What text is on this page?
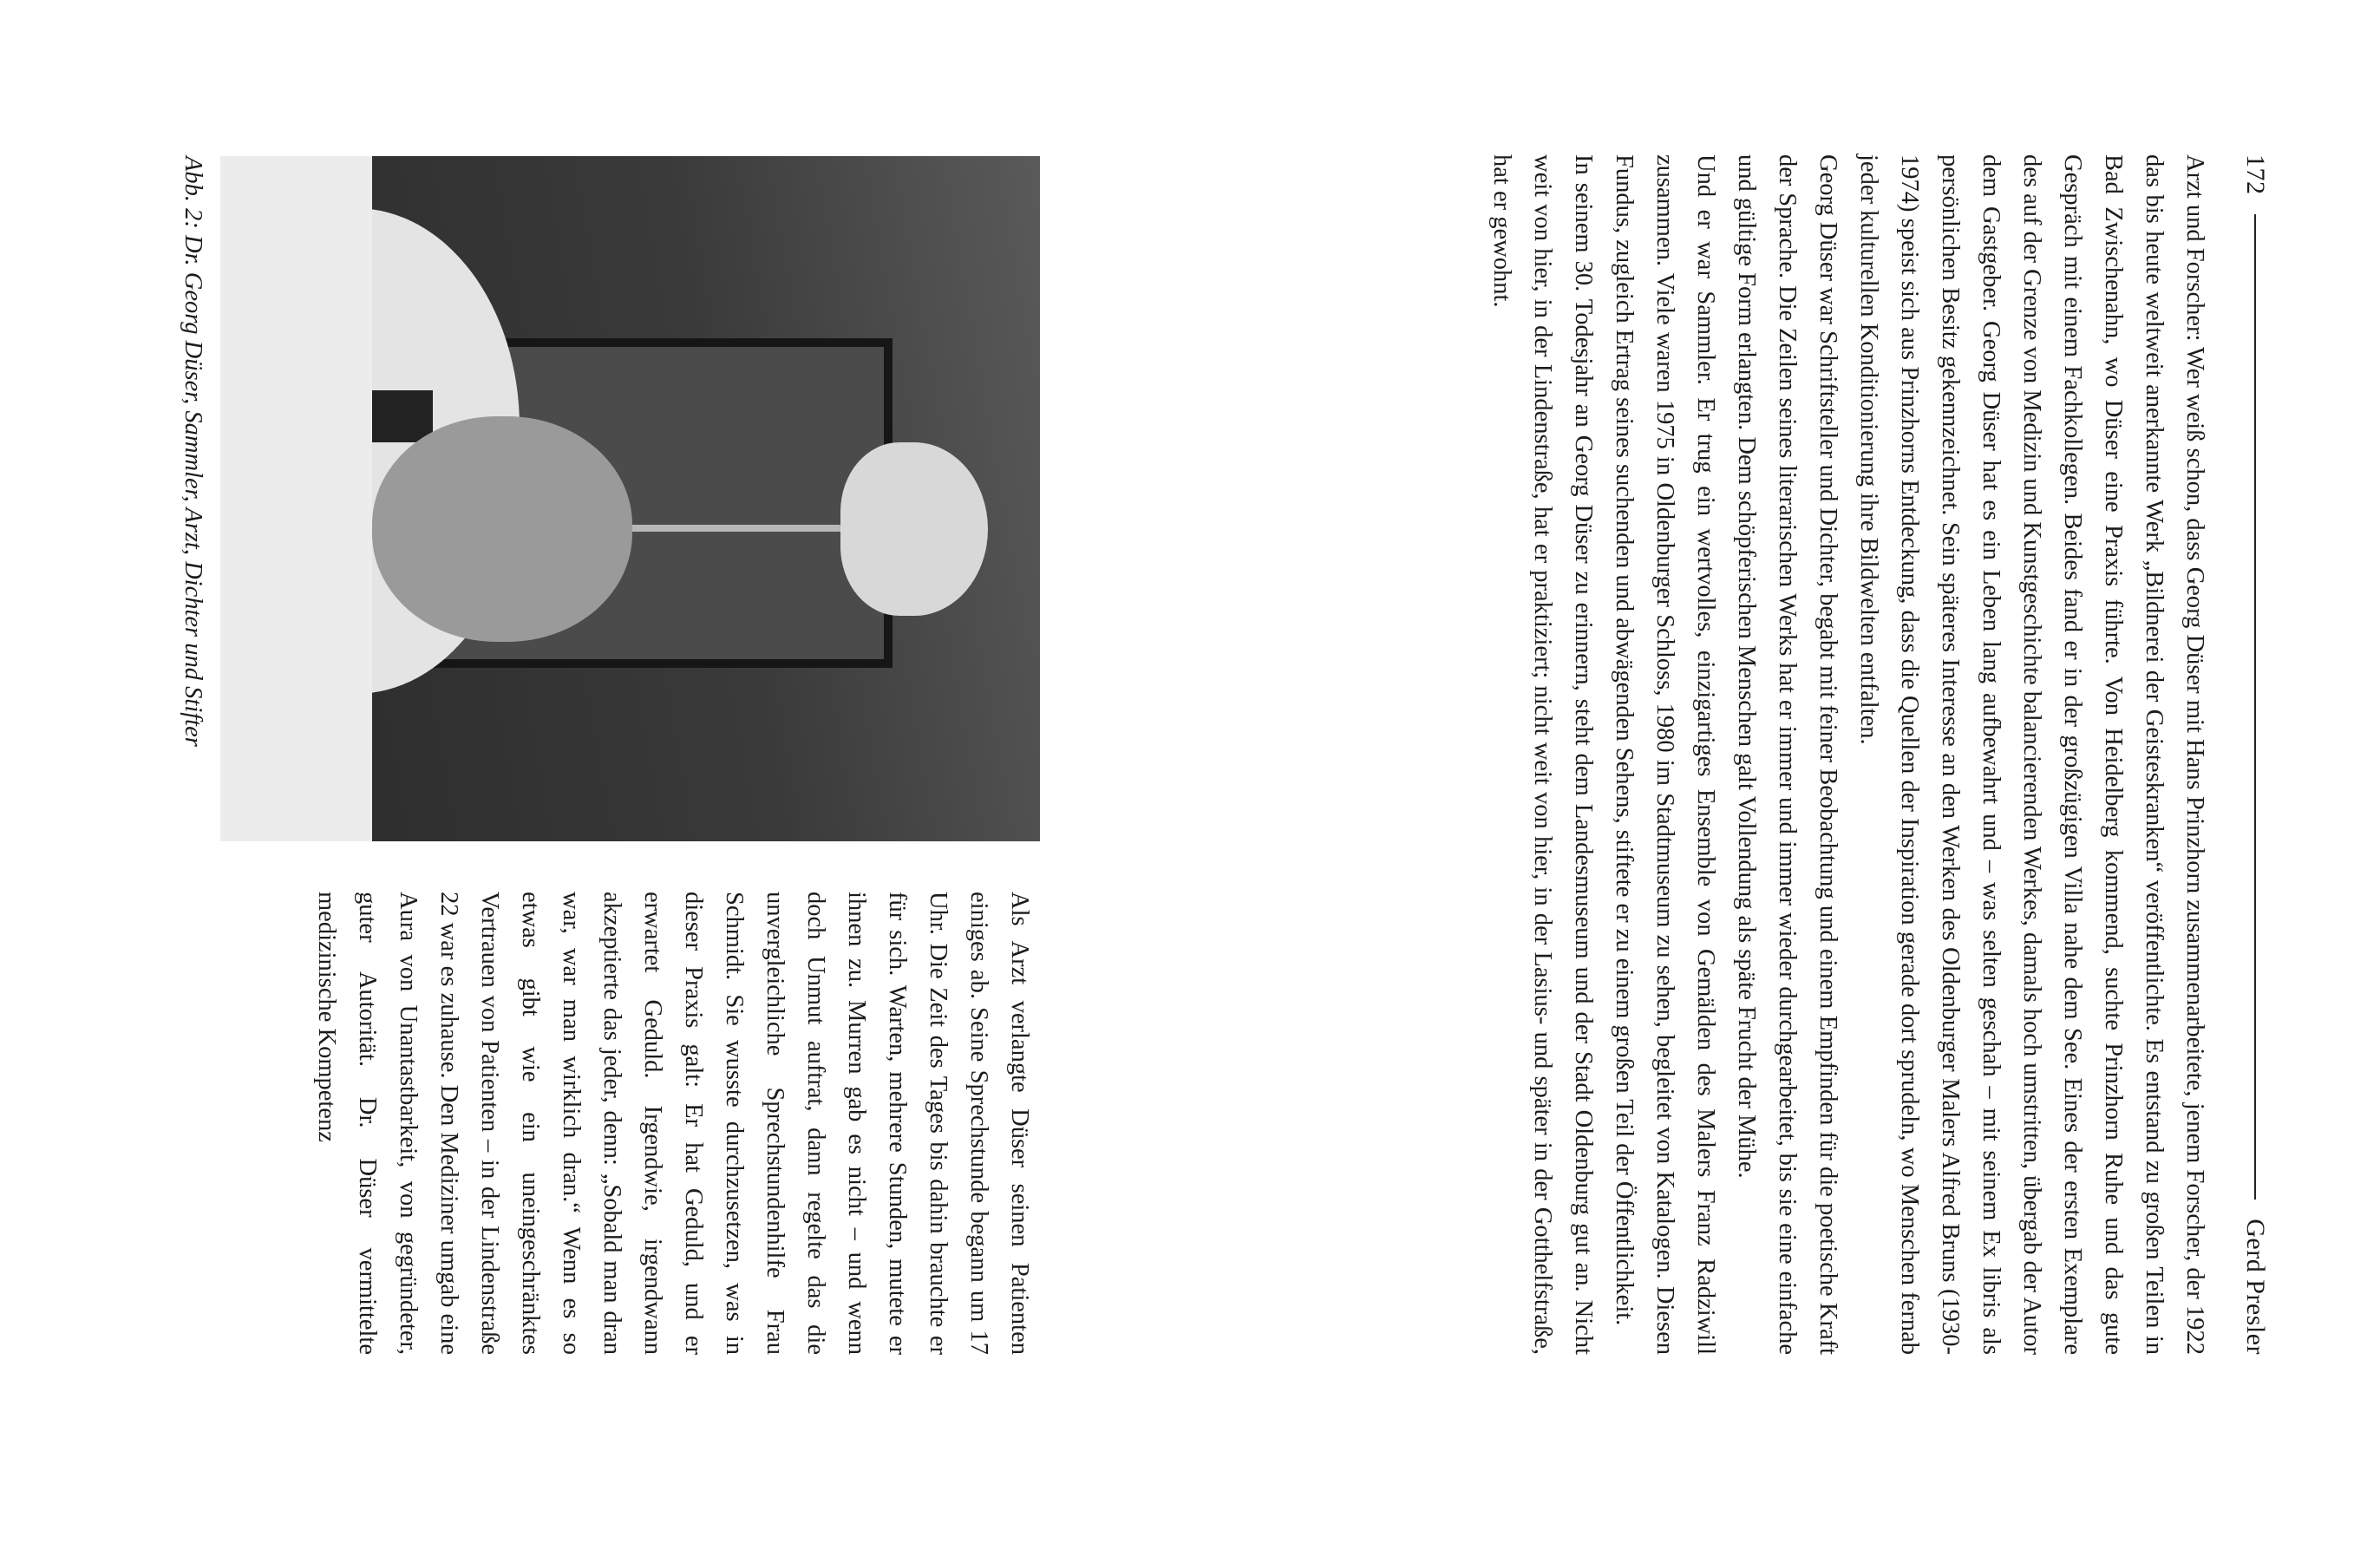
172
Gerd Presler

Arzt und Forscher: Wer weiß schon, dass Georg Düser mit Hans Prinzhorn zusammenarbeitete, jenem Forscher, der 1922 das bis heute weltweit anerkannte Werk „Bildnerei der Geisteskranken“ veröffentlichte. Es entstand zu großen Teilen in Bad Zwischenahn, wo Düser eine Praxis führte. Von Heidelberg kommend, suchte Prinzhorn Ruhe und das gute Gespräch mit einem Fachkollegen. Beides fand er in der großzügigen Villa nahe dem See. Eines der ersten Exemplare des auf der Grenze von Medizin und Kunstgeschichte balancierenden Werkes, damals hoch umstritten, übergab der Autor dem Gastgeber. Georg Düser hat es ein Leben lang aufbewahrt und – was selten geschah – mit seinem Ex libris als persönlichen Besitz gekennzeichnet. Sein späteres Interesse an den Werken des Oldenburger Malers Alfred Bruns (1930-1974) speist sich aus Prinzhorns Entdeckung, dass die Quellen der Inspiration gerade dort sprudeln, wo Menschen fernab jeder kulturellen Konditionierung ihre Bildwelten entfalten.

Georg Düser war Schriftsteller und Dichter, begabt mit feiner Beobachtung und einem Empfinden für die poetische Kraft der Sprache. Die Zeilen seines literarischen Werks hat er immer und immer wieder durchgearbeitet, bis sie eine einfache und gültige Form erlangten. Dem schöpferischen Menschen galt Vollendung als späte Frucht der Mühe.

Und er war Sammler. Er trug ein wertvolles, einzigartiges Ensemble von Gemälden des Malers Franz Radziwill zusammen. Viele waren 1975 in Oldenburger Schloss, 1980 im Stadtmuseum zu sehen, begleitet von Katalogen. Diesen Fundus, zugleich Ertrag seines suchenden und abwägenden Sehens, stiftete er zu einem großen Teil der Öffentlichkeit.

In seinem 30. Todesjahr an Georg Düser zu erinnern, steht dem Landesmuseum und der Stadt Oldenburg gut an. Nicht weit von hier, in der Lindenstraße, hat er praktiziert; nicht weit von hier, in der Lasius- und später in der Gotthelfstraße, hat er gewohnt.

Abb. 2: Dr. Georg Düser, Sammler, Arzt, Dichter und Stifter

Als Arzt verlangte Düser seinen Patienten einiges ab. Seine Sprechstunde begann um 17 Uhr. Die Zeit des Tages bis dahin brauchte er für sich. Warten, mehrere Stunden, mutete er ihnen zu. Murren gab es nicht – und wenn doch Unmut auftrat, dann regelte das die unvergleichliche Sprechstundenhilfe Frau Schmidt. Sie wusste durchzusetzen, was in dieser Praxis galt: Er hat Geduld, und er erwartet Geduld. Irgendwie, irgendwann akzeptierte das jeder, denn: „Sobald man dran war, war man wirklich dran.“ Wenn es so etwas gibt wie ein uneingeschränktes Vertrauen von Patienten – in der Lindenstraße 22 war es zuhause. Den Mediziner umgab eine Aura von Unantastbarkeit, von gegründeter, guter Autorität. Dr. Düser vermittelte medizinische Kompetenz
